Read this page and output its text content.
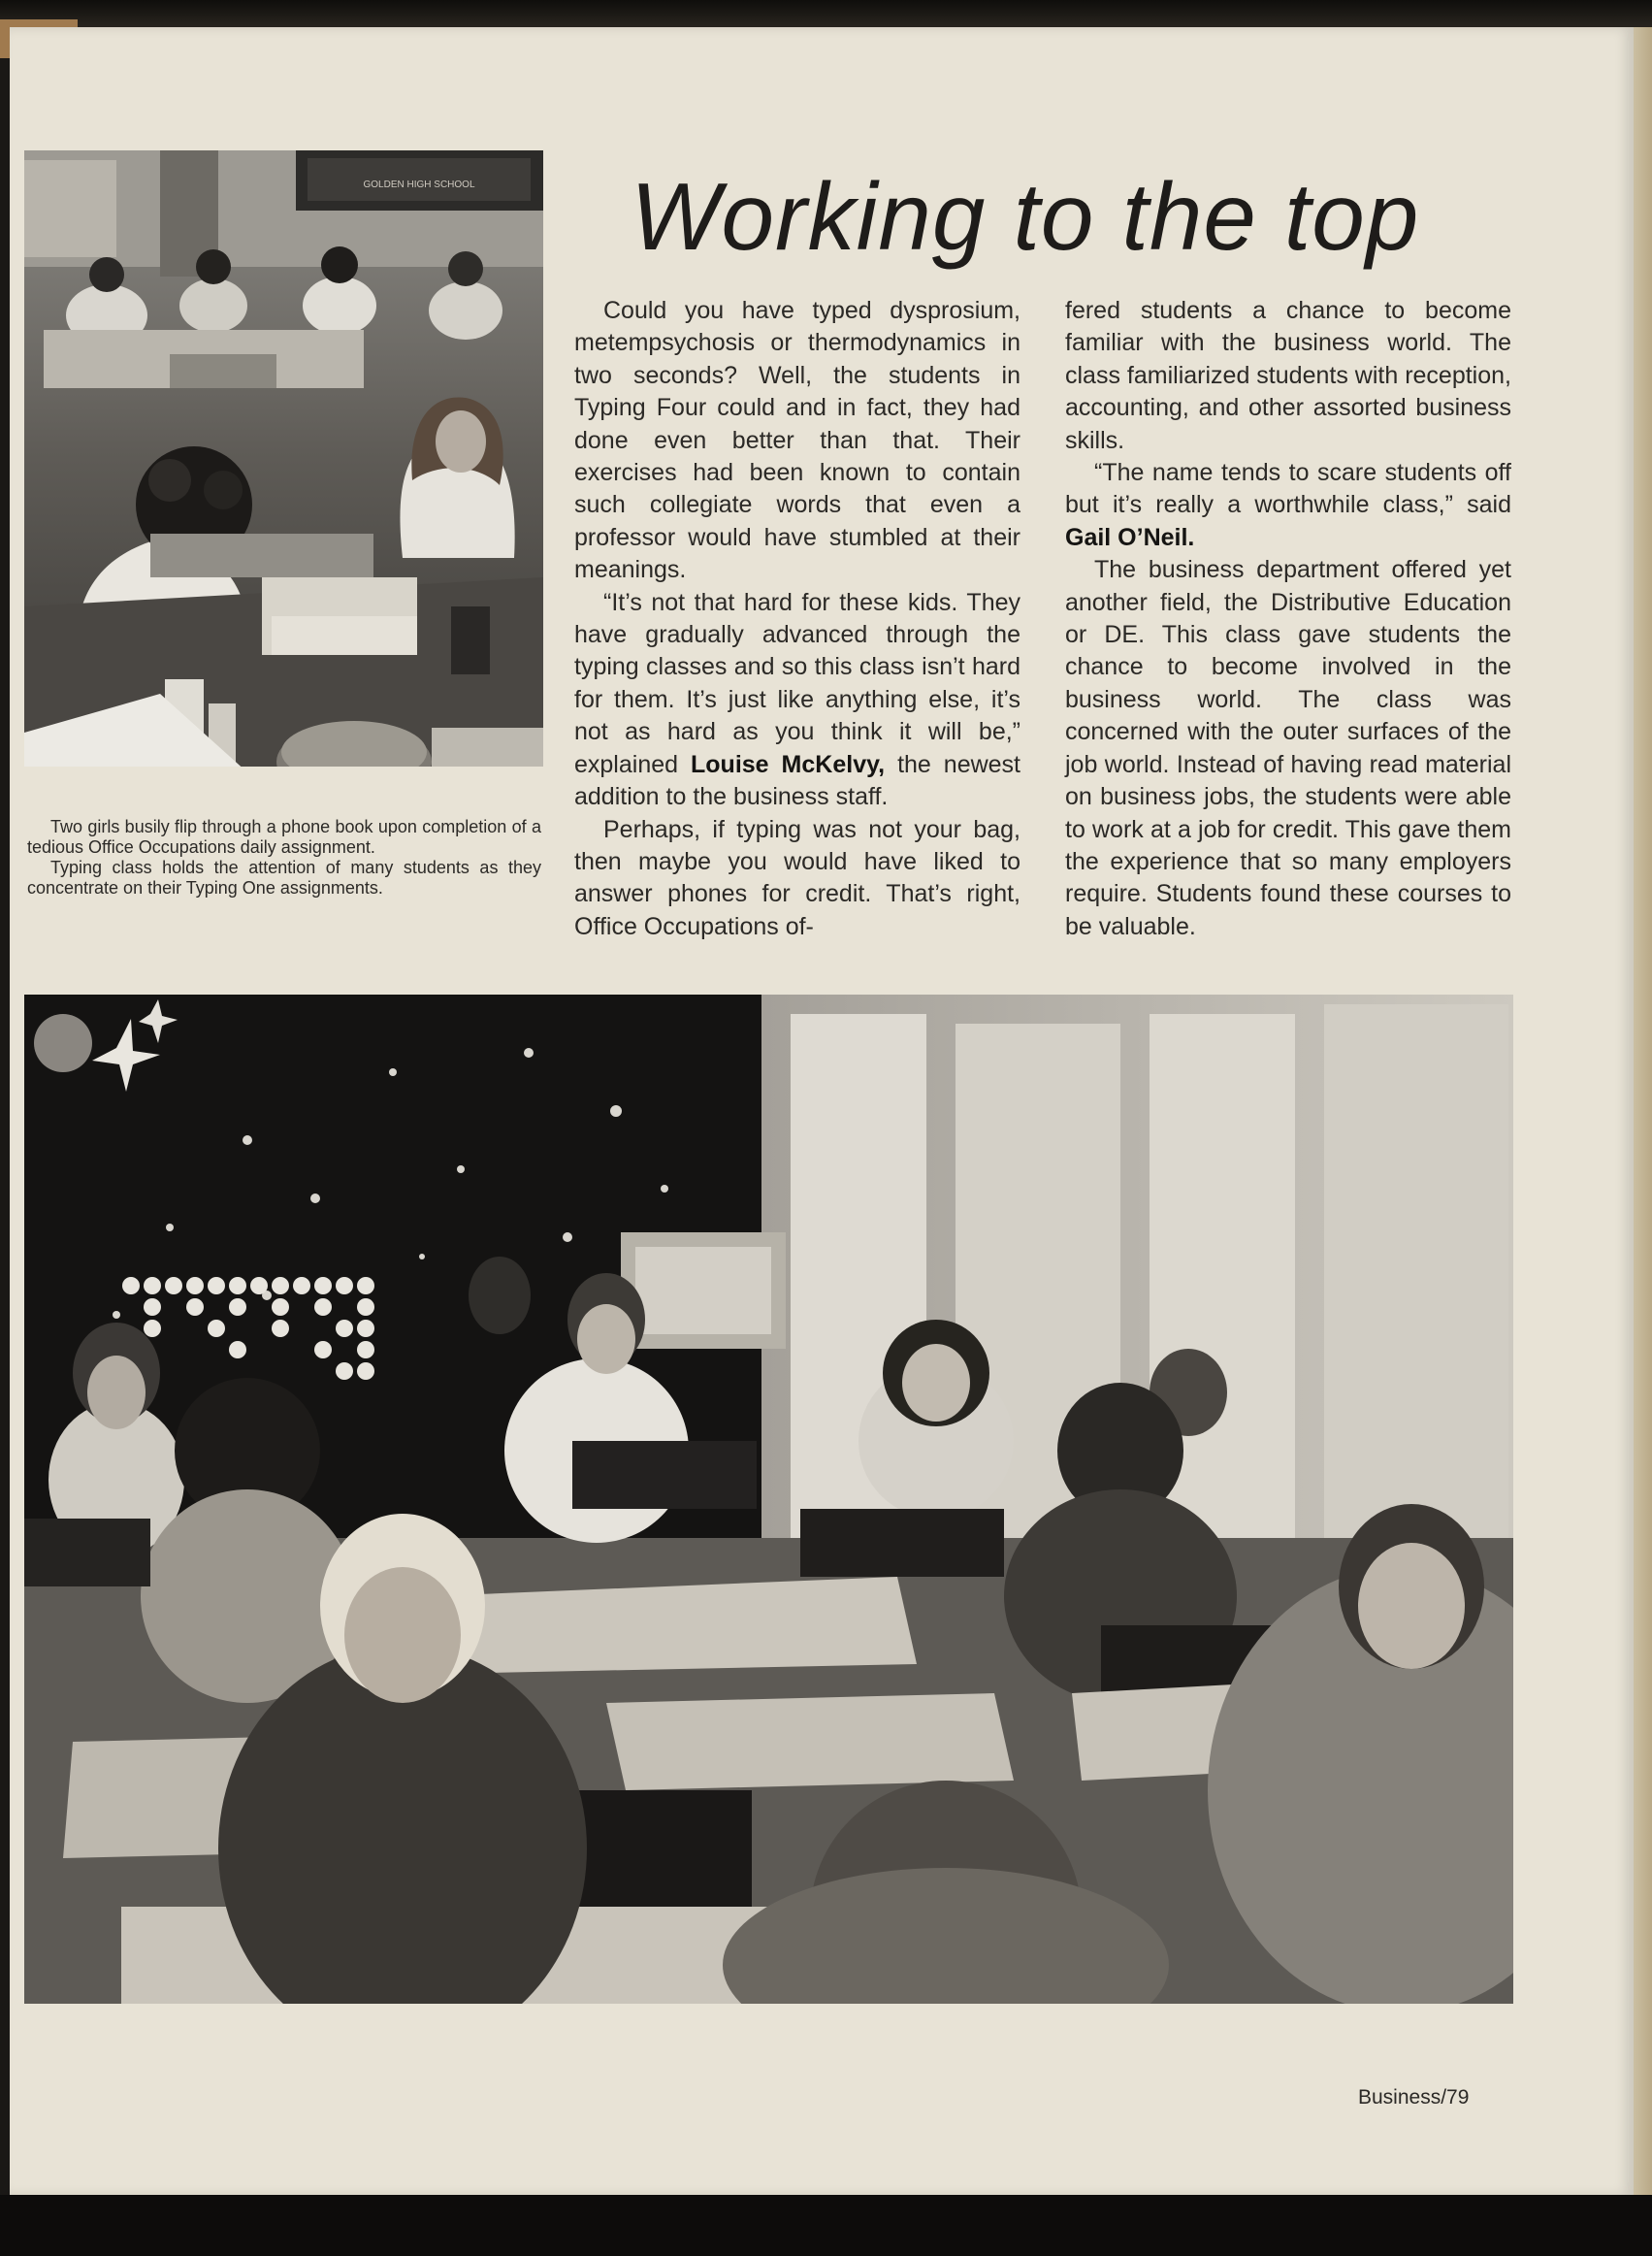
GOLDEN HIGH SCHOOL

Two girls busily flip through a phone book upon completion of a tedious Office Occupations daily assignment.

Typing class holds the attention of many students as they concentrate on their Typing One assignments.

Working to the top

Could you have typed dysprosium, metempsychosis or thermodynamics in two seconds? Well, the students in Typing Four could and in fact, they had done even better than that. Their exercises had been known to contain such collegiate words that even a professor would have stumbled at their meanings.

“It’s not that hard for these kids. They have gradually advanced through the typing classes and so this class isn’t hard for them. It’s just like anything else, it’s not as hard as you think it will be,” explained Louise McKelvy, the newest addition to the business staff.

Perhaps, if typing was not your bag, then maybe you would have liked to answer phones for credit. That’s right, Office Occupations of-

fered students a chance to become familiar with the business world. The class familiarized students with reception, accounting, and other assorted business skills.

“The name tends to scare students off but it’s really a worthwhile class,” said Gail O’Neil.

The business department offered yet another field, the Distributive Education or DE. This class gave students the chance to become involved in the business world. The class was concerned with the outer surfaces of the job world. Instead of having read material on business jobs, the students were able to work at a job for credit. This gave them the experience that so many employers require. Students found these courses to be valuable.

Business/79
